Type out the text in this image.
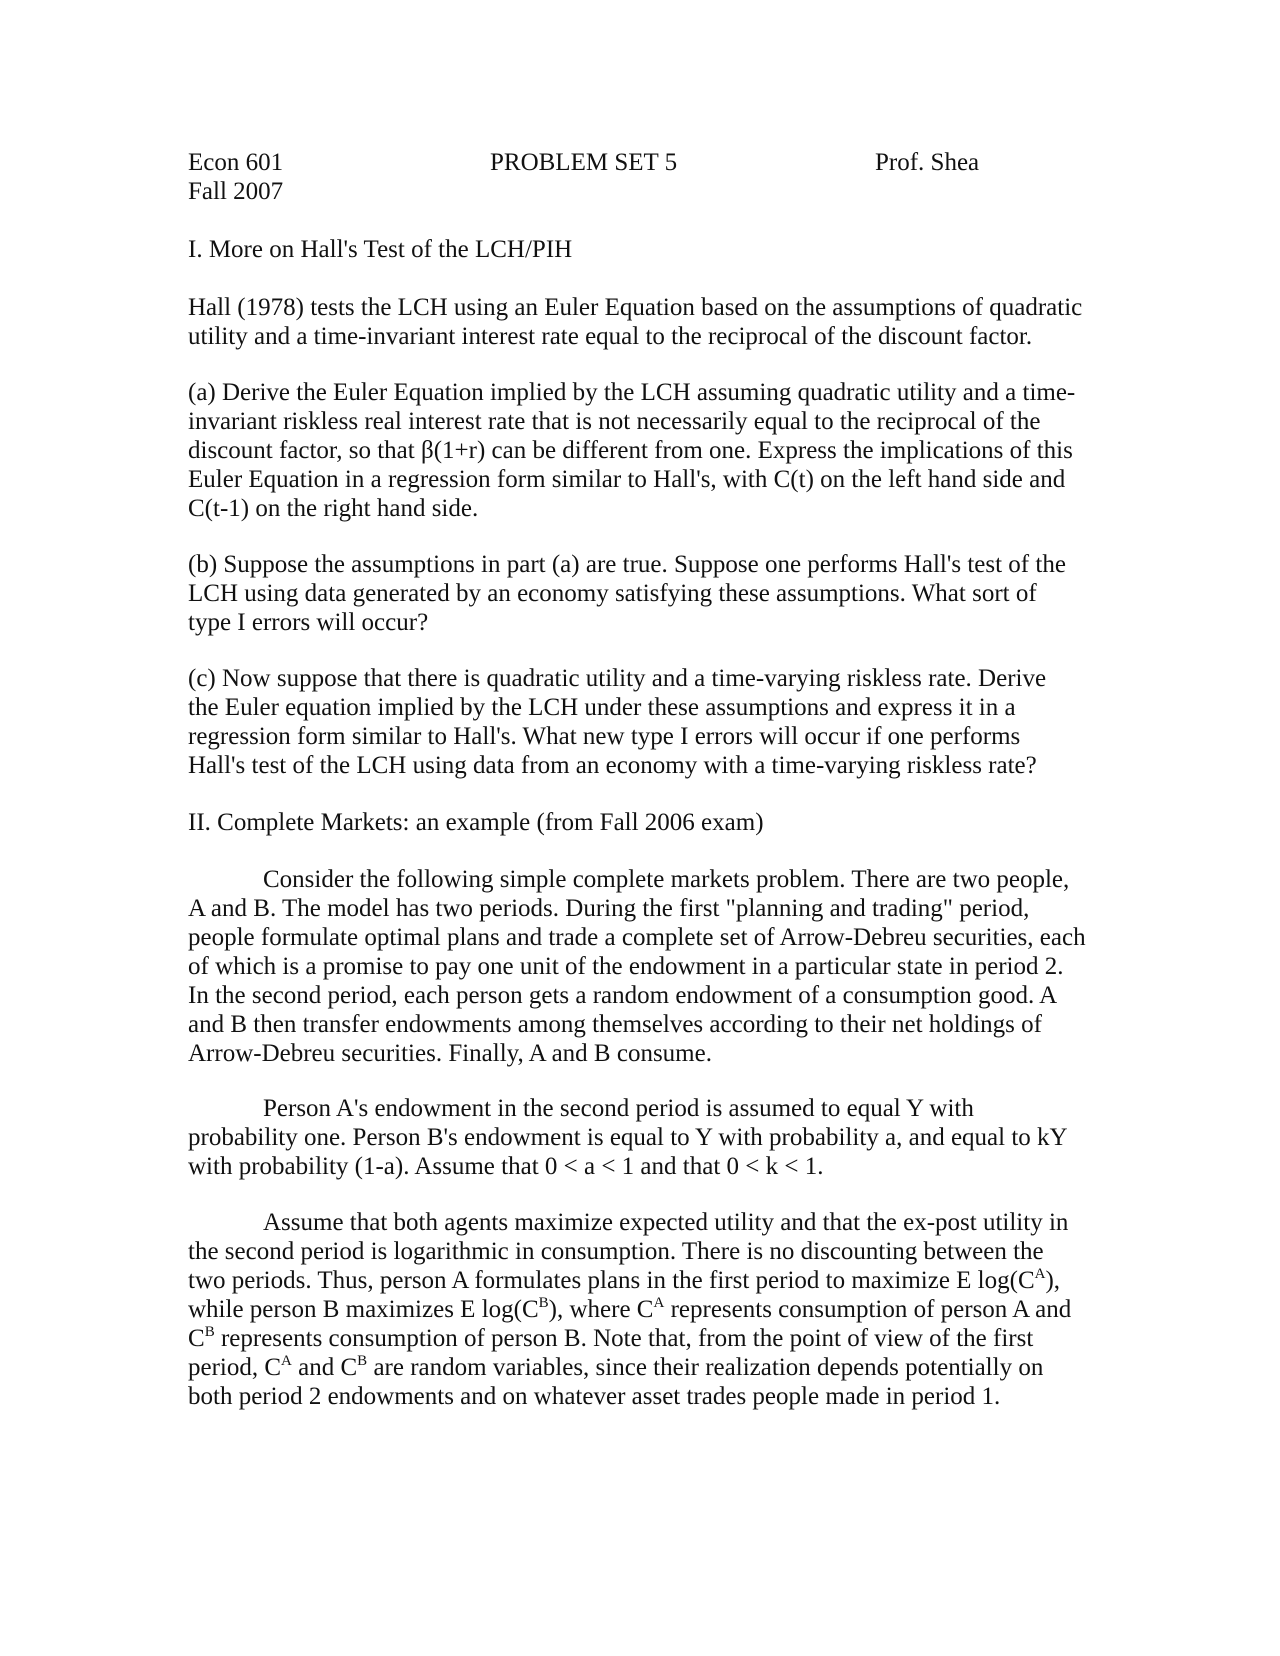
Econ 601
Fall 2007
PROBLEM SET 5	Prof. Shea
I. More on Hall's Test of the LCH/PIH
Hall (1978) tests the LCH using an Euler Equation based on the assumptions of quadratic
utility and a time-invariant interest rate equal to the reciprocal of the discount factor.
(a) Derive the Euler Equation implied by the LCH assuming quadratic utility and a time-
invariant riskless real interest rate that is not necessarily equal to the reciprocal of the
discount factor, so that β(1+r) can be different from one. Express the implications of this
Euler Equation in a regression form similar to Hall's, with C(t) on the left hand side and
C(t-1) on the right hand side.
(b) Suppose the assumptions in part (a) are true. Suppose one performs Hall's test of the
LCH using data generated by an economy satisfying these assumptions. What sort of
type I errors will occur?
(c) Now suppose that there is quadratic utility and a time-varying riskless rate. Derive
the Euler equation implied by the LCH under these assumptions and express it in a
regression form similar to Hall's. What new type I errors will occur if one performs
Hall's test of the LCH using data from an economy with a time-varying riskless rate?
II. Complete Markets: an example (from Fall 2006 exam)
Consider the following simple complete markets problem. There are two people,
A and B. The model has two periods. During the first "planning and trading" period,
people formulate optimal plans and trade a complete set of Arrow-Debreu securities, each
of which is a promise to pay one unit of the endowment in a particular state in period 2.
In the second period, each person gets a random endowment of a consumption good. A
and B then transfer endowments among themselves according to their net holdings of
Arrow-Debreu securities. Finally, A and B consume.
Person A's endowment in the second period is assumed to equal Y with
probability one. Person B's endowment is equal to Y with probability a, and equal to kY
with probability (1-a). Assume that 0 < a < 1 and that 0 < k < 1.
Assume that both agents maximize expected utility and that the ex-post utility in
the second period is logarithmic in consumption. There is no discounting between the
two periods. Thus, person A formulates plans in the first period to maximize E $\log(C^A)$,
while person B maximizes E $\log(C^B)$, where $C^A$ represents consumption of person A and
$C^B$ represents consumption of person B. Note that, from the point of view of the first
period, $C^A$ and $C^B$ are random variables, since their realization depends potentially on
both period 2 endowments and on whatever asset trades people made in period 1.
